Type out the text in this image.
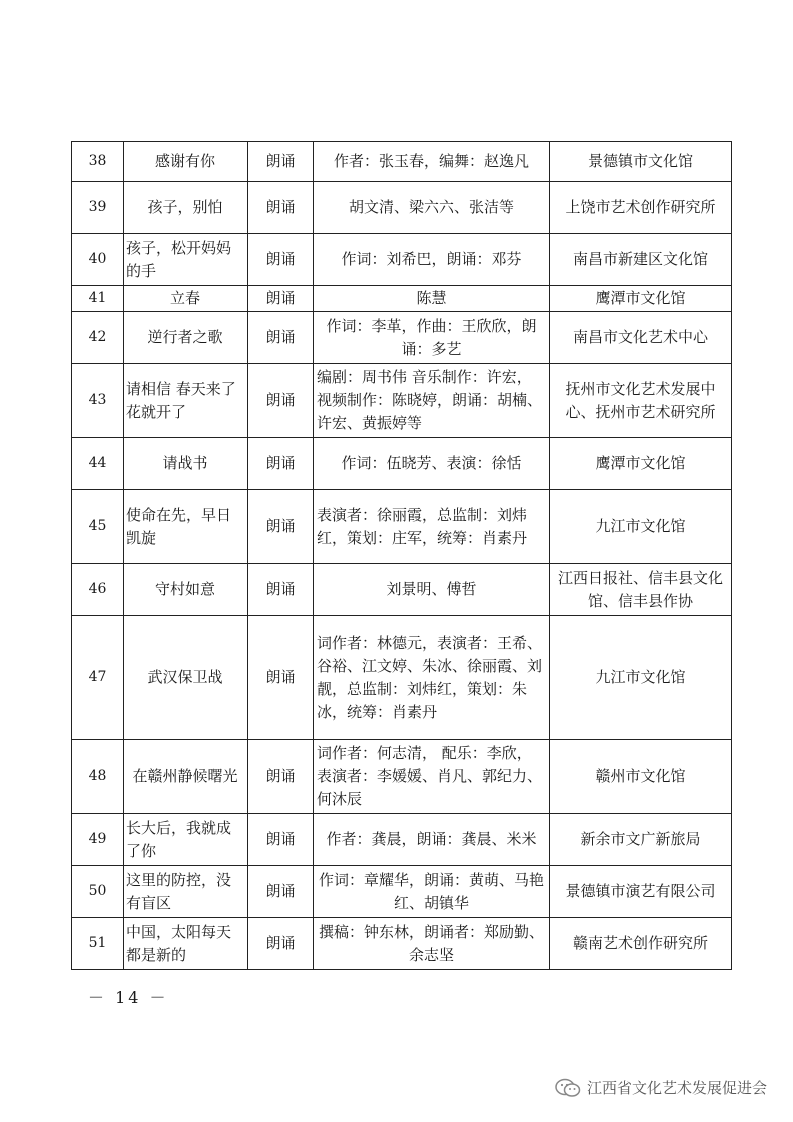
38	感谢有你	朗诵	作者：张玉春，编舞：赵逸凡	景德镇市文化馆
39	孩子，别怕	朗诵	胡文清、梁六六、张洁等	上饶市艺术创作研究所
40	孩子，松开妈妈的手	朗诵	作词：刘希巴，朗诵：邓芬	南昌市新建区文化馆
41	立春	朗诵	陈慧	鹰潭市文化馆
42	逆行者之歌	朗诵	作词：李革，作曲：王欣欣，朗诵：多艺	南昌市文化艺术中心
43	请相信 春天来了花就开了	朗诵	编剧：周书伟 音乐制作：许宏，视频制作：陈晓婷，朗诵：胡楠、许宏、黄振婷等	抚州市文化艺术发展中心、抚州市艺术研究所
44	请战书	朗诵	作词：伍晓芳、表演：徐恬	鹰潭市文化馆
45	使命在先，早日凯旋	朗诵	表演者：徐丽霞，总监制：刘炜红，策划：庄军，统筹：肖素丹	九江市文化馆
46	守村如意	朗诵	刘景明、傅哲	江西日报社、信丰县文化馆、信丰县作协
47	武汉保卫战	朗诵	词作者：林德元，表演者：王希、谷裕、江文婷、朱冰、徐丽霞、刘靓，总监制：刘炜红，策划：朱冰，统筹：肖素丹	九江市文化馆
48	在赣州静候曙光	朗诵	词作者：何志清， 配乐：李欣，表演者：李媛媛、肖凡、郭纪力、何沐辰	赣州市文化馆
49	长大后，我就成了你	朗诵	作者：龚晨，朗诵：龚晨、米米	新余市文广新旅局
50	这里的防控，没有盲区	朗诵	作词：章耀华，朗诵：黄萌、马艳红、胡镇华	景德镇市演艺有限公司
51	中国，太阳每天都是新的	朗诵	撰稿：钟东林，朗诵者：郑励勤、余志坚	赣南艺术创作研究所
－ 14 －
江西省文化艺术发展促进会
